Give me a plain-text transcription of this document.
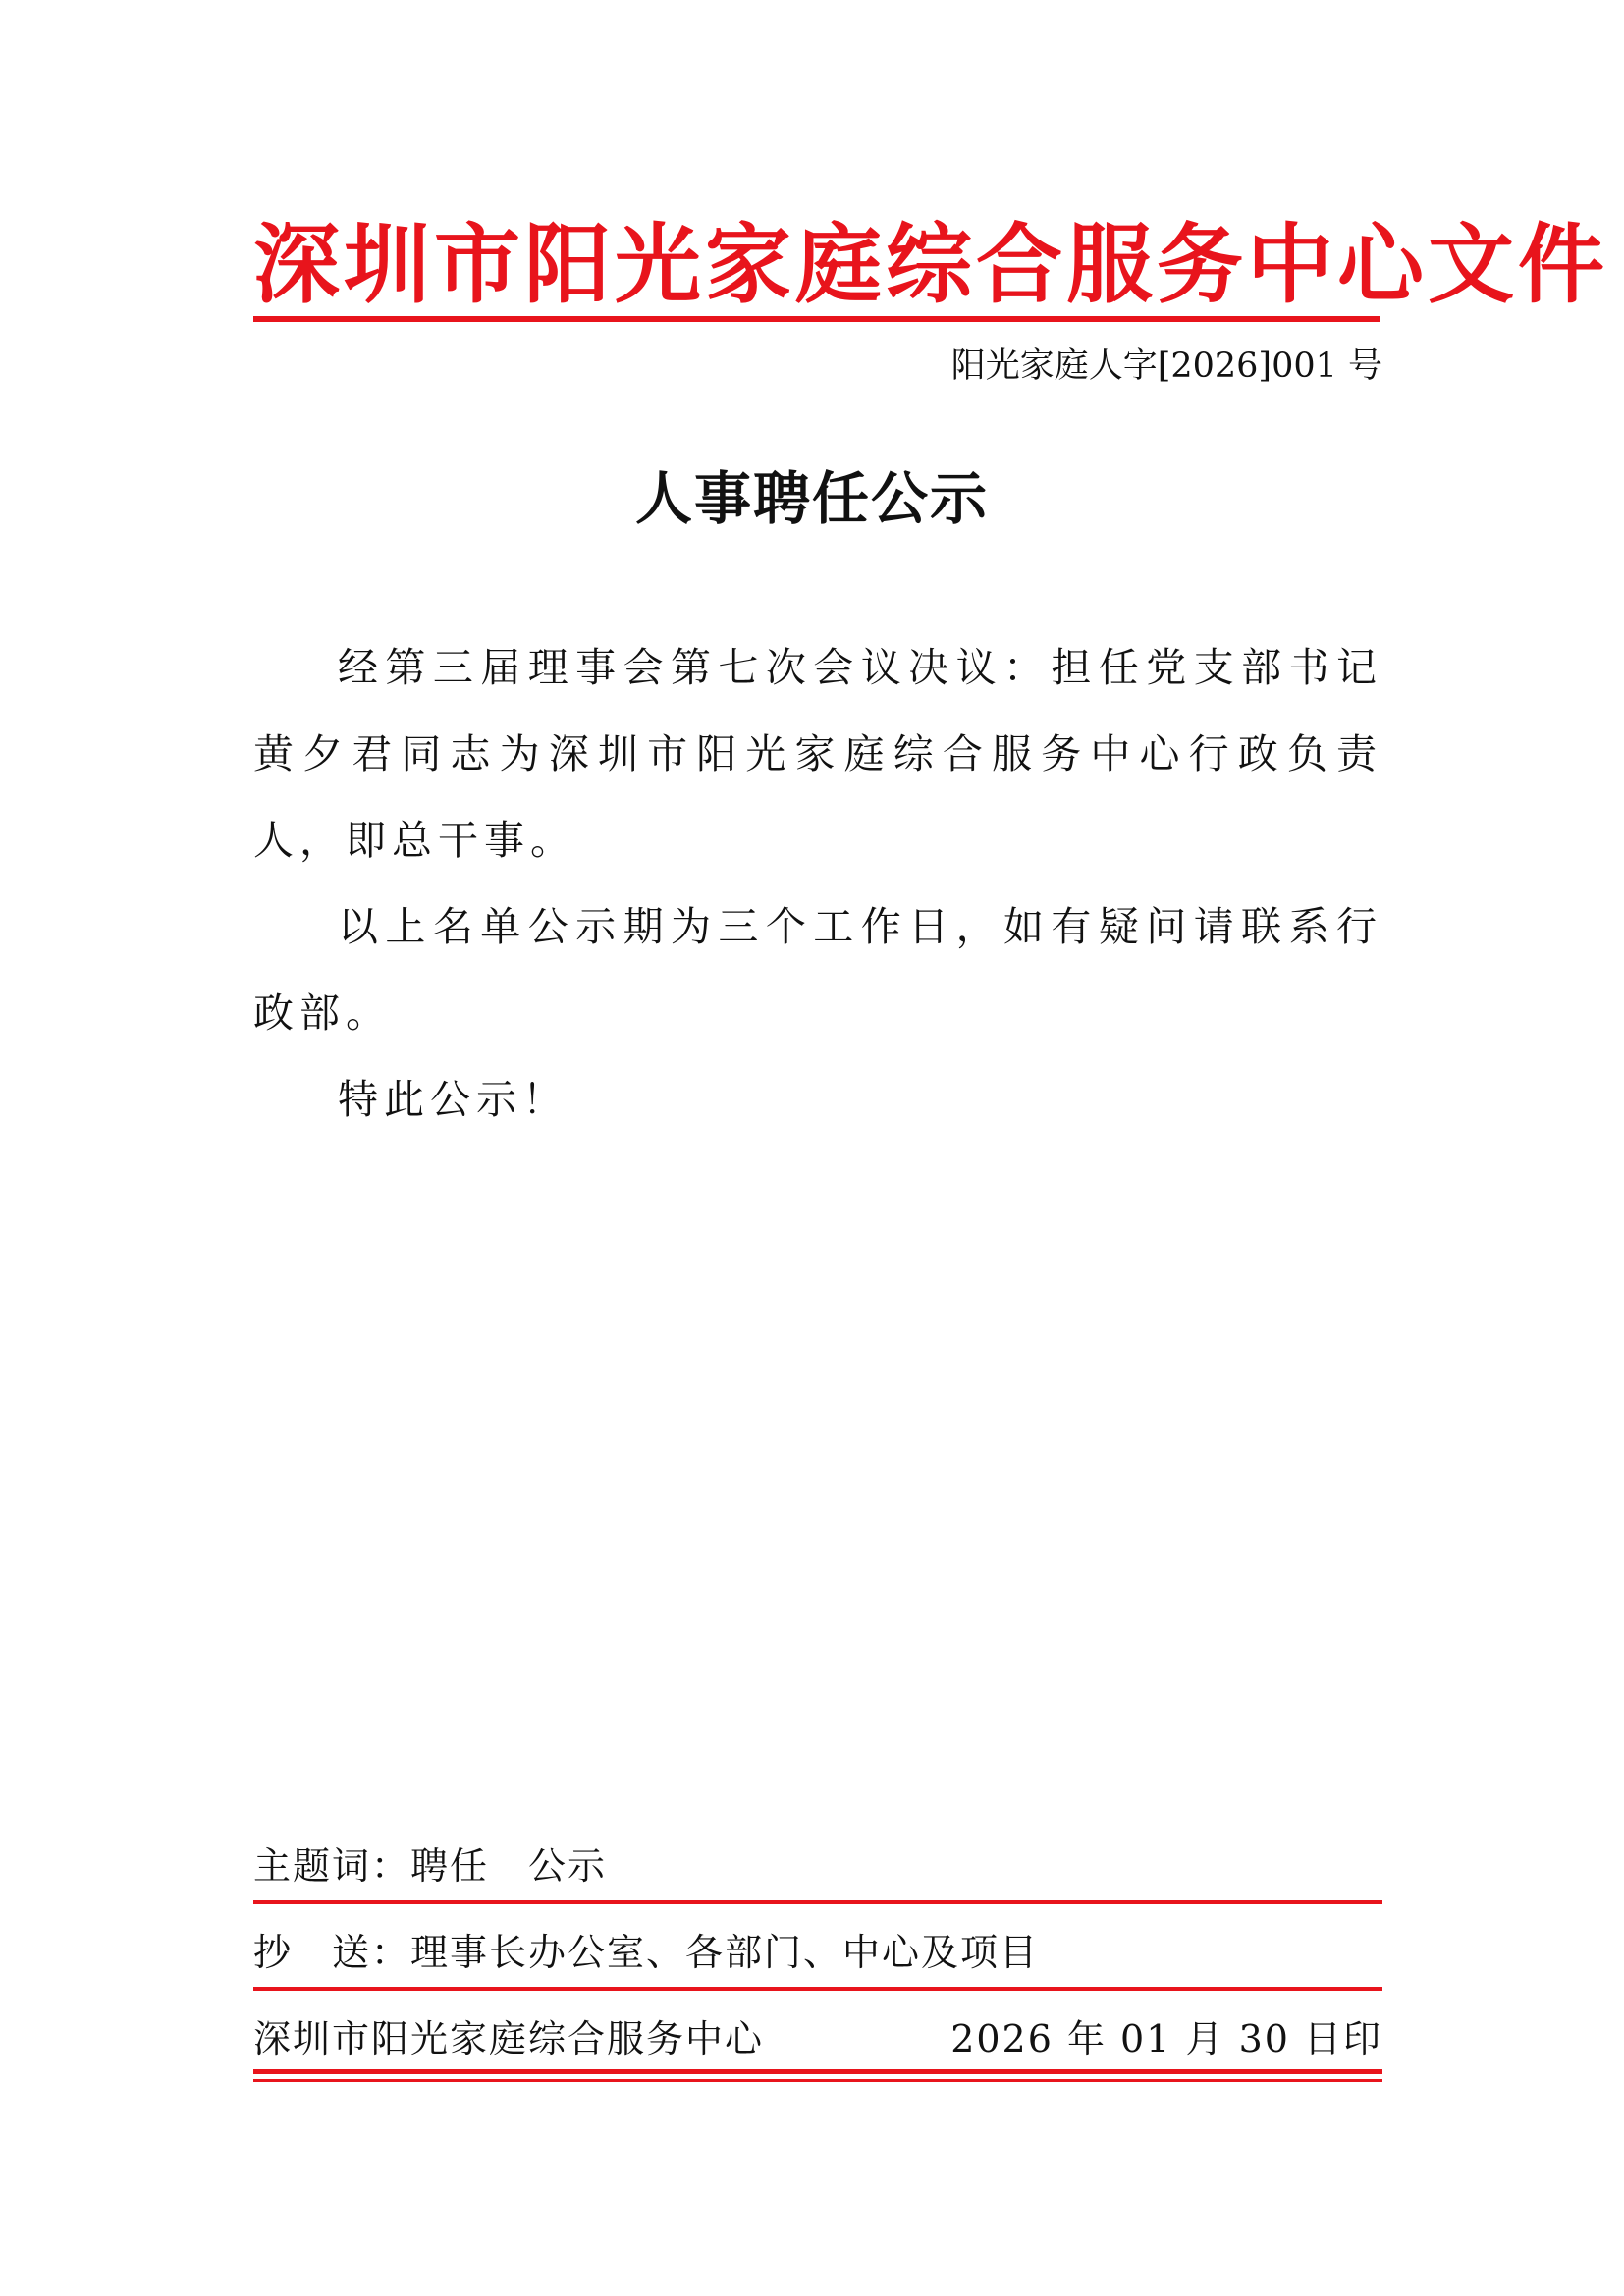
深圳市阳光家庭综合服务中心文件
阳光家庭人字[2026]001 号
人事聘任公示

经第三届理事会第七次会议决议：担任党支部书记黄夕君同志为深圳市阳光家庭综合服务中心行政负责人，即总干事。

以上名单公示期为三个工作日，如有疑问请联系行政部。

特此公示！

主题词：聘任 公示
抄 送：理事长办公室、各部门、中心及项目
深圳市阳光家庭综合服务中心	2026 年 01 月 30 日印
